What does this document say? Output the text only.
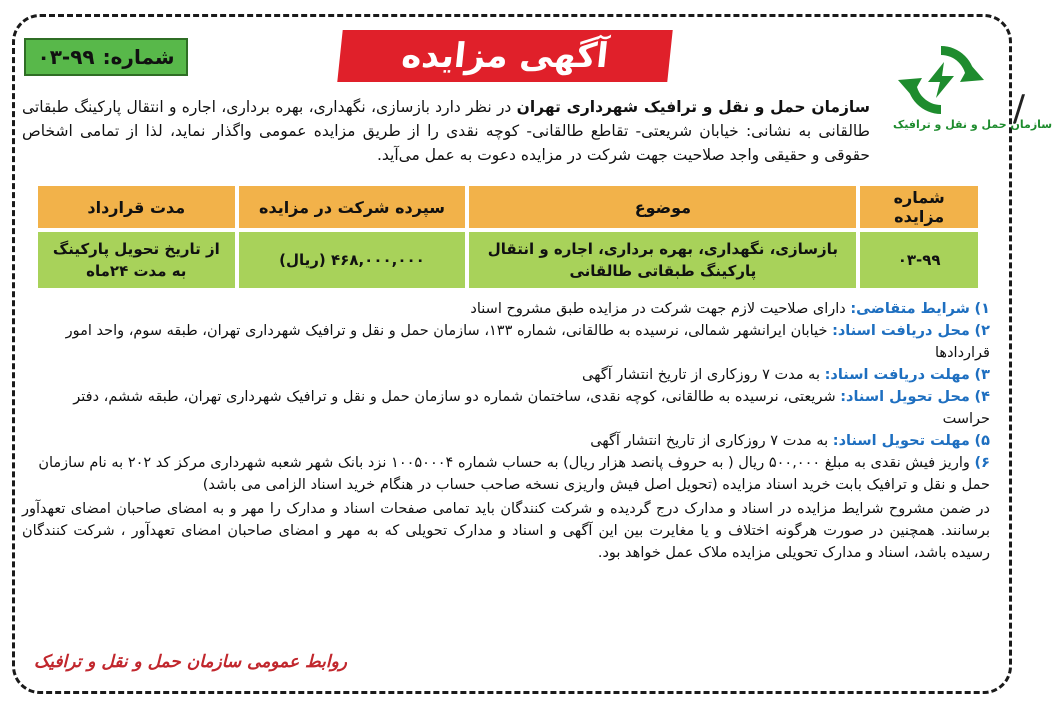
/
سازمان حمل و نقل و ترافیک
آگهی مزایده عمومی
شماره:
۰۳-۹۹
سازمان حمل و نقل و ترافیک شهرداری تهران در نظر دارد بازسازی، نگهداری، بهره برداری، اجاره و انتقال پارکینگ طبقاتی طالقانی به نشانی: خیابان شریعتی- تقاطع طالقانی- کوچه نقدی را از طریق مزایده عمومی واگذار نماید، لذا از تمامی اشخاص حقوقی و حقیقی واجد صلاحیت جهت شرکت در مزایده دعوت به عمل می‌آید.
شماره مزایده	موضوع	سپرده شرکت در مزایده	مدت قرارداد
۰۳-۹۹	بازسازی، نگهداری، بهره برداری، اجاره و انتقال پارکینگ طبقاتی طالقانی	۴۶۸,۰۰۰,۰۰۰ (ریال)	از تاریخ تحویل پارکینگ به مدت ۲۴ماه

۱) شرایط متقاضی: دارای صلاحیت لازم جهت شرکت در مزایده طبق مشروح اسناد

۲) محل دریافت اسناد: خیابان ایرانشهر شمالی، نرسیده به طالقانی، شماره ۱۳۳، سازمان حمل و نقل و ترافیک شهرداری تهران، طبقه سوم، واحد امور قراردادها

۳) مهلت دریافت اسناد: به مدت ۷ روزکاری از تاریخ انتشار آگهی

۴) محل تحویل اسناد: شریعتی، نرسیده به طالقانی، کوچه نقدی، ساختمان شماره دو سازمان حمل و نقل و ترافیک شهرداری تهران، طبقه ششم، دفتر حراست

۵) مهلت تحویل اسناد: به مدت ۷ روزکاری از تاریخ انتشار آگهی

۶) واریز فیش نقدی به مبلغ ۵۰۰,۰۰۰ ریال ( به حروف پانصد هزار ریال) به حساب شماره ۱۰۰۵۰۰۰۴ نزد بانک شهر شعبه شهرداری مرکز کد ۲۰۲ به نام سازمان حمل و نقل و ترافیک بابت خرید اسناد مزایده (تحویل اصل فیش واریزی نسخه صاحب حساب در هنگام خرید اسناد الزامی می باشد)

در ضمن مشروح شرایط مزایده در اسناد و مدارک درج گردیده و شرکت کنندگان باید تمامی صفحات اسناد و مدارک را مهر و به امضای صاحبان امضای تعهدآور برسانند. همچنین در صورت هرگونه اختلاف و یا مغایرت بین این آگهی و اسناد و مدارک تحویلی که به مهر و امضای صاحبان امضای تعهدآور ، شرکت کنندگان رسیده باشد، اسناد و مدارک تحویلی مزایده ملاک عمل خواهد بود.

روابط عمومی سازمان حمل و نقل و ترافیک
